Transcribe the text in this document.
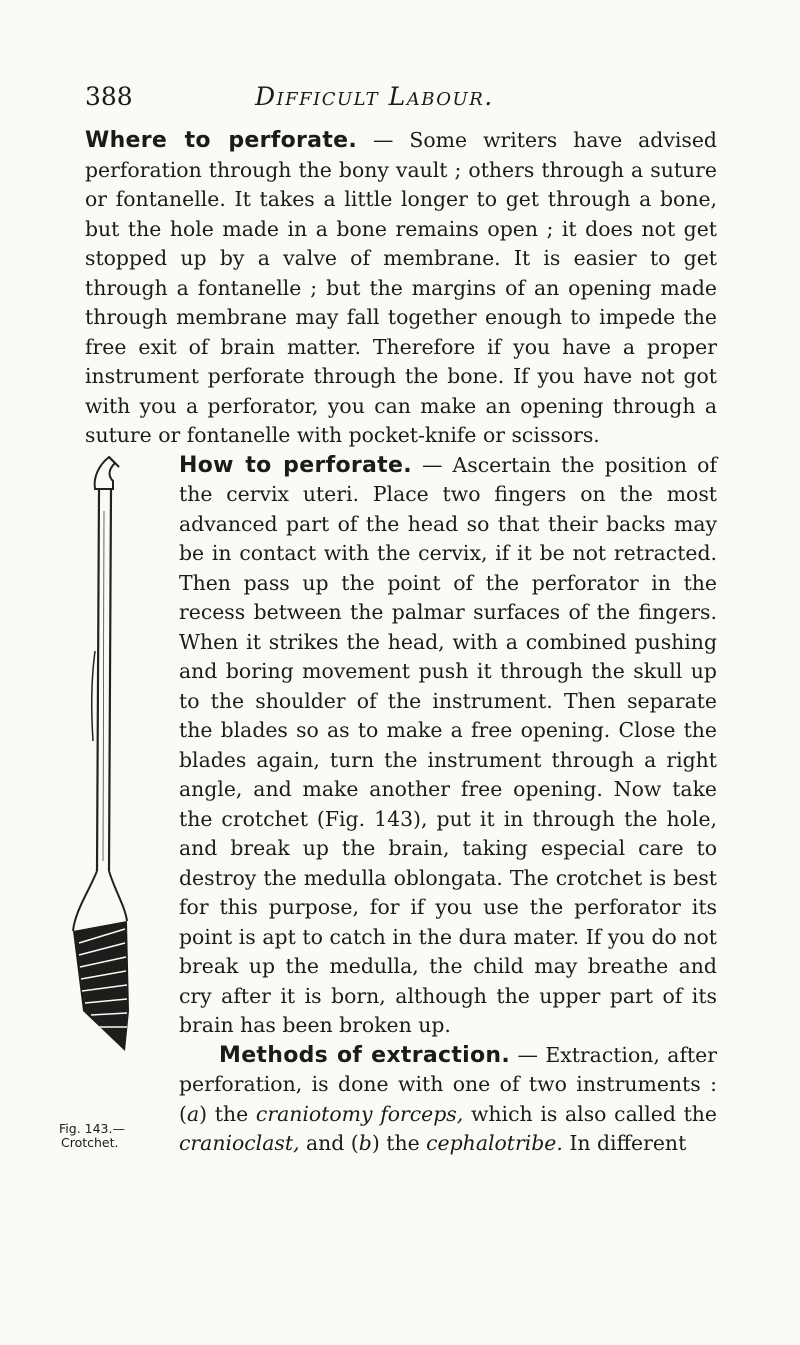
388	Difficult Labour.

Where to perforate. — Some writers have advised perforation through the bony vault ; others through a suture or fontanelle. It takes a little longer to get through a bone, but the hole made in a bone remains open ; it does not get stopped up by a valve of membrane. It is easier to get through a fontanelle ; but the margins of an opening made through membrane may fall together enough to impede the free exit of brain matter. Therefore if you have a proper instrument perforate through the bone. If you have not got with you a perforator, you can make an opening through a suture or fontanelle with pocket-knife or scissors.

Fig. 143.—
Crotchet.

How to perforate. — Ascertain the position of the cervix uteri. Place two fingers on the most advanced part of the head so that their backs may be in contact with the cervix, if it be not retracted. Then pass up the point of the perforator in the recess between the palmar surfaces of the fingers. When it strikes the head, with a combined pushing and boring movement push it through the skull up to the shoulder of the instrument. Then separate the blades so as to make a free opening. Close the blades again, turn the instrument through a right angle, and make another free opening. Now take the crotchet (Fig. 143), put it in through the hole, and break up the brain, taking especial care to destroy the medulla oblongata. The crotchet is best for this purpose, for if you use the perforator its point is apt to catch in the dura mater. If you do not break up the medulla, the child may breathe and cry after it is born, although the upper part of its brain has been broken up.

Methods of extraction. — Extraction, after perforation, is done with one of two instruments : (a) the craniotomy forceps, which is also called the cranioclast, and (b) the cephalotribe. In different
